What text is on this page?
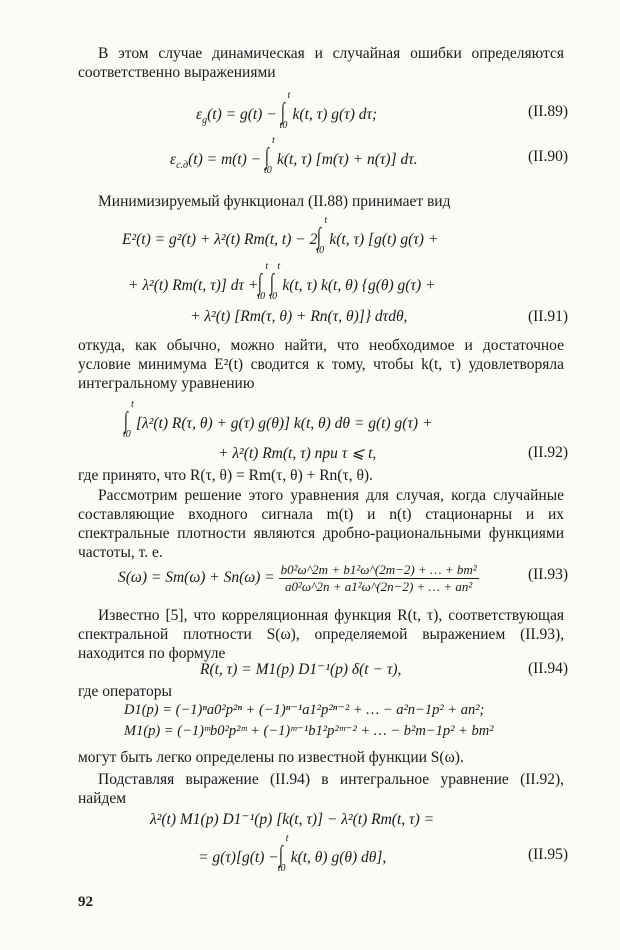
В этом случае динамическая и случайная ошибки определяются соответственно выражениями

$\varepsilon_g(t) = g(t)$ − ∫
t
t0
k(t, τ) g(τ) dτ;	(II.89)
$\varepsilon_{с.д}(t) = m(t)$ − ∫
t
t0
k(t, τ) [m(τ) + n(τ)] dτ.	(II.90)

Минимизируемый функционал (II.88) принимает вид

E²(t) = g²(t) + λ²(t) Rm(t, t) − 2 ∫
t
t0
k(t, τ) [g(t) g(τ) +
+ λ²(t) Rm(t, τ)] dτ + ∫
t
t0
∫
t
t0
k(t, τ) k(t, θ) {g(θ) g(τ) +
+ λ²(t) [Rm(τ, θ) + Rn(τ, θ)]} dτdθ,	(II.91)

откуда, как обычно, можно найти, что необходимое и достаточное условие минимума E²(t) сводится к тому, чтобы k(t, τ) удовлетворяла интегральному уравнению

∫
t
t0
[λ²(t) R(τ, θ) + g(τ) g(θ)] k(t, θ) dθ = g(t) g(τ) +
+ λ²(t) Rm(t, τ) при τ ⩽ t,	(II.92)

где принято, что R(τ, θ) = Rm(τ, θ) + Rn(τ, θ).

Рассмотрим решение этого уравнения для случая, когда случайные составляющие входного сигнала m(t) и n(t) стационарны и их спектральные плотности являются дробно-рациональными функциями частоты, т. е.

$S(\omega) = Sm(\omega) + Sn(\omega) = \frac{\text{b0²ω\textasciicircum{}2m + b1²ω\textasciicircum{}(2m−2) + … + bm²}}{\text{a0²ω\textasciicircum{}2n + a1²ω\textasciicircum{}(2n−2) + … + an²}}$	(II.93)

Известно [5], что корреляционная функция R(t, τ), соответствующая спектральной плотности S(ω), определяемой выражением (II.93), находится по формуле

R(t, τ) = M1(p) D1⁻¹(p) δ(t − τ),	(II.94)

где операторы

D1(p) = (−1)ⁿa0²p²ⁿ + (−1)ⁿ⁻¹a1²p²ⁿ⁻² + … − a²n−1p² + an²;
M1(p) = (−1)ᵐb0²p²ᵐ + (−1)ᵐ⁻¹b1²p²ᵐ⁻² + … − b²m−1p² + bm²

могут быть легко определены по известной функции S(ω).

Подставляя выражение (II.94) в интегральное уравнение (II.92), найдем

λ²(t) M1(p) D1⁻¹(p) [k(t, τ)] − λ²(t) Rm(t, τ) =
= g(τ)[g(t) − ∫
t
t0
k(t, θ) g(θ) dθ],	(II.95)
92
